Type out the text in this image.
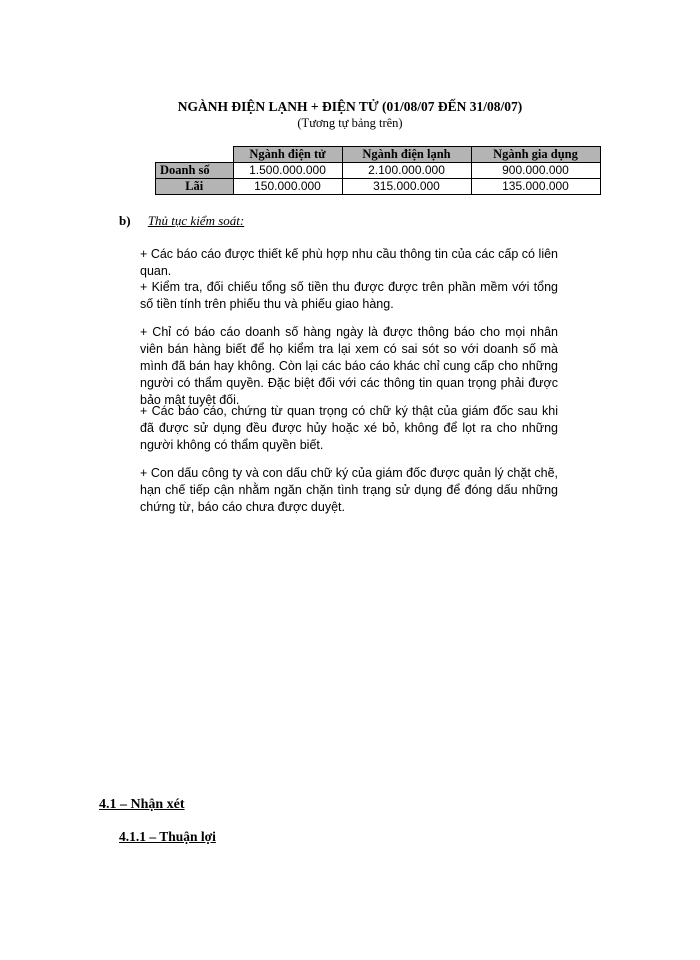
NGÀNH ĐIỆN LẠNH + ĐIỆN TỬ (01/08/07 ĐẾN 31/08/07)
(Tương tự bảng trên)
	Ngành điện tử	Ngành điện lạnh	Ngành gia dụng
Doanh số	1.500.000.000	2.100.000.000	900.000.000
Lãi	150.000.000	315.000.000	135.000.000
b) Thủ tục kiểm soát:
+ Các báo cáo được thiết kế phù hợp nhu cầu thông tin của các cấp có liên quan.
+ Kiểm tra, đối chiếu tổng số tiền thu được được trên phần mềm với tổng số tiền tính trên phiếu thu và phiếu giao hàng.
+ Chỉ có báo cáo doanh số hàng ngày là được thông báo cho mọi nhân viên bán hàng biết để họ kiểm tra lại xem có sai sót so với doanh số mà mình đã bán hay không. Còn lại các báo cáo khác chỉ cung cấp cho những người có thẩm quyền. Đặc biệt đối với các thông tin quan trọng phải được bảo mật tuyệt đối.
+ Các báo cáo, chứng từ quan trọng có chữ ký thật của giám đốc sau khi đã được sử dụng đều được hủy hoặc xé bỏ, không để lọt ra cho những người không có thẩm quyền biết.
+ Con dấu công ty và con dấu chữ ký của giám đốc được quản lý chặt chẽ, hạn chế tiếp cận nhằm ngăn chặn tình trạng sử dụng để đóng dấu những chứng từ, báo cáo chưa được duyệt.
4.1 – Nhận xét
4.1.1 – Thuận lợi
